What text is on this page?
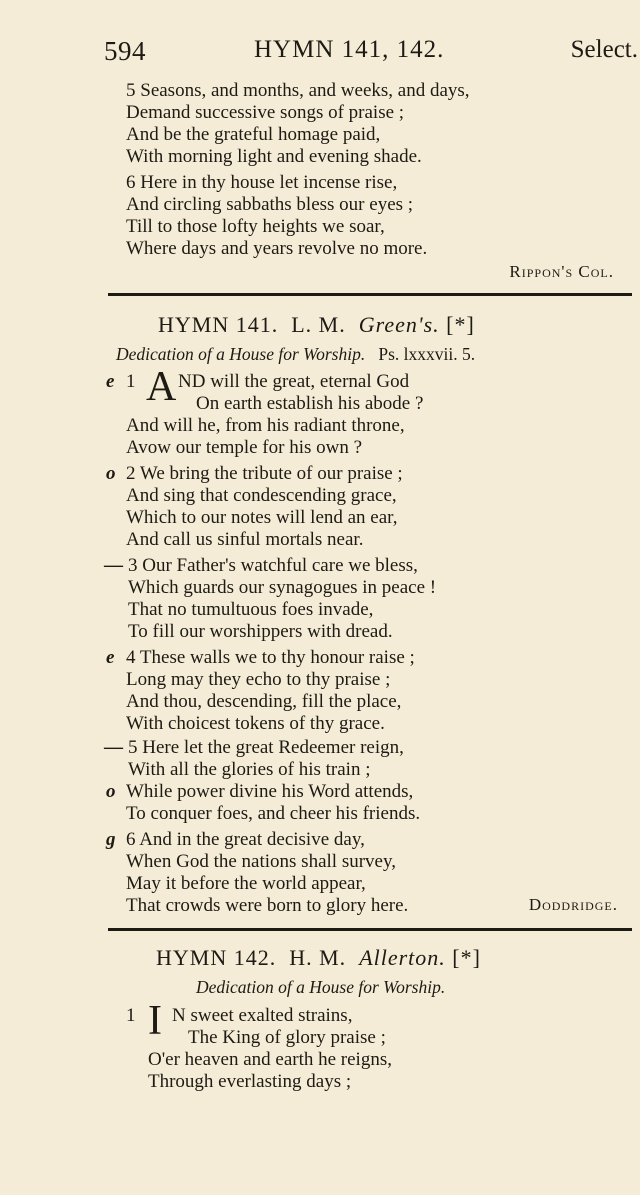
594	HYMN 141, 142.	Select.
5 Seasons, and months, and weeks, and days,
Demand successive songs of praise ;
And be the grateful homage paid,
With morning light and evening shade.
6 Here in thy house let incense rise,
And circling sabbaths bless our eyes ;
Till to those lofty heights we soar,
Where days and years revolve no more.
Rippon's Col.
HYMN 141. L. M. Green's. [*]
Dedication of a House for Worship. Ps. lxxxvii. 5.
e 1 A ND will the great, eternal God
On earth establish his abode ?
And will he, from his radiant throne,
Avow our temple for his own ?
o 2 We bring the tribute of our praise ;
And sing that condescending grace,
Which to our notes will lend an ear,
And call us sinful mortals near.
— 3 Our Father's watchful care we bless,
Which guards our synagogues in peace !
That no tumultuous foes invade,
To fill our worshippers with dread.
e 4 These walls we to thy honour raise ;
Long may they echo to thy praise ;
And thou, descending, fill the place,
With choicest tokens of thy grace.
— 5 Here let the great Redeemer reign,
With all the glories of his train ;
o While power divine his Word attends,
To conquer foes, and cheer his friends.
g 6 And in the great decisive day,
When God the nations shall survey,
May it before the world appear,
That crowds were born to glory here.	Doddridge.
HYMN 142. H. M. Allerton. [*]
Dedication of a House for Worship.
1 I N sweet exalted strains,
The King of glory praise ;
O'er heaven and earth he reigns,
Through everlasting days ;
